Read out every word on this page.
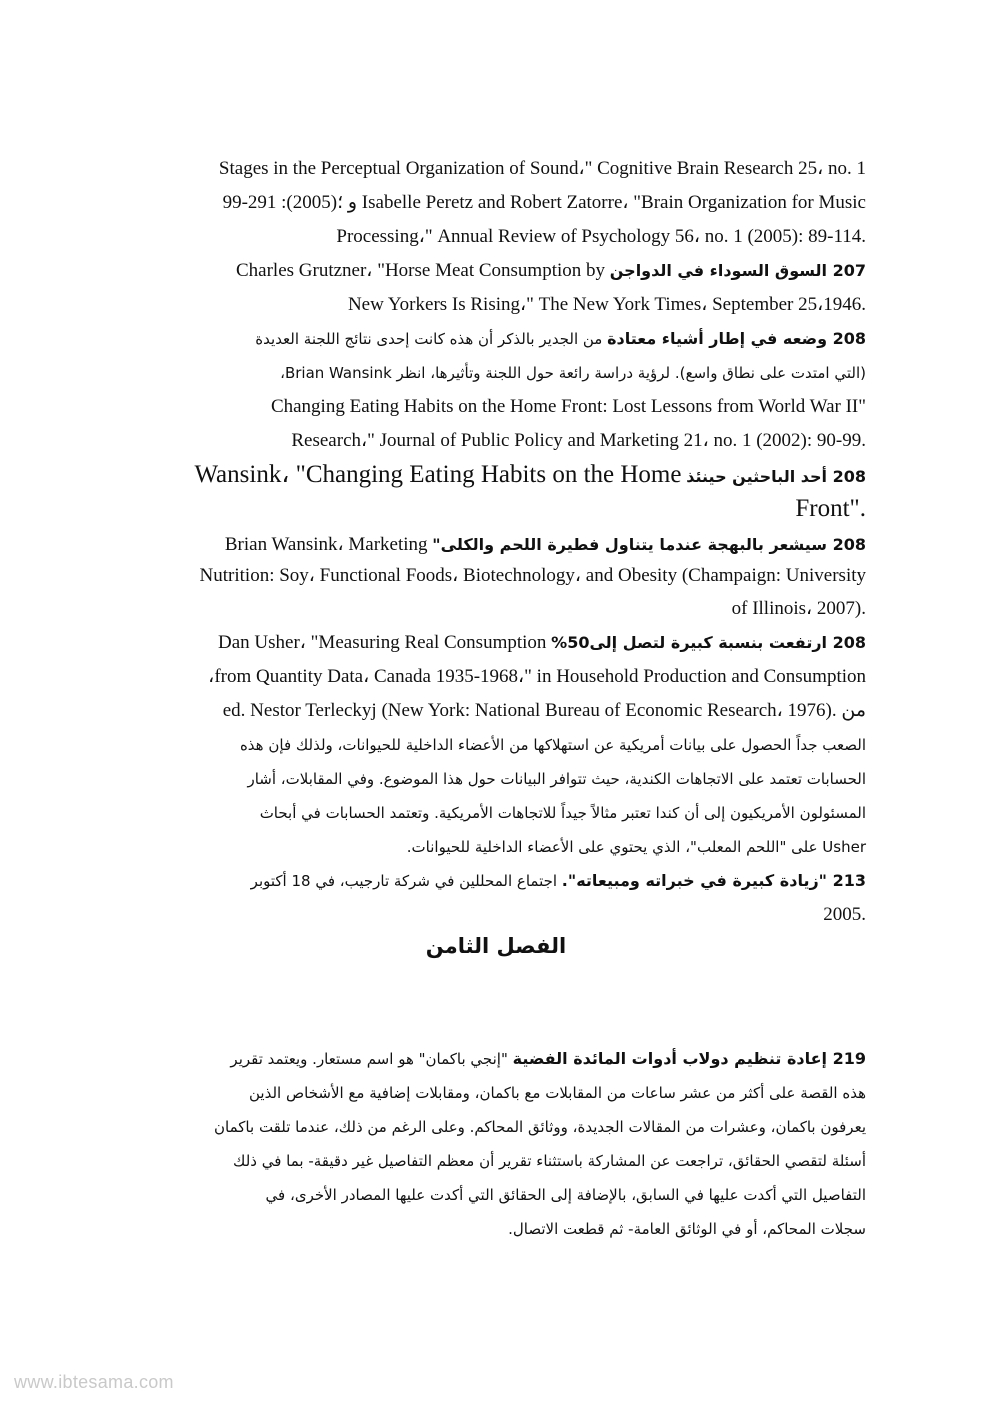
Stages in the Perceptual Organization of Sound،" Cognitive Brain Research 25، no. 1
Isabelle Peretz and Robert Zatorre، "Brain Organization for Music و ؛(2005): 291-99
.Processing،" Annual Review of Psychology 56، no. 1 (2005): 89-114
207 السوق السوداء في الدواجن Charles Grutzner، "Horse Meat Consumption by
.New Yorkers Is Rising،" The New York Times، September 25،1946
208 وضعه في إطار أشياء معتادة من الجدير بالذكر أن هذه كانت إحدى نتائج اللجنة العديدة
(التي امتدت على نطاق واسع). لرؤية دراسة رائعة حول اللجنة وتأثيرها، انظر Brian Wansink،
"Changing Eating Habits on the Home Front: Lost Lessons from World War II
.Research،" Journal of Public Policy and Marketing 21، no. 1 (2002): 90-99
208 أحد الباحثين حينئذ Wansink، "Changing Eating Habits on the Home
."Front
208 سيشعر بالبهجة عندما يتناول فطيرة اللحم والكلى" Brian Wansink، Marketing
Nutrition: Soy، Functional Foods، Biotechnology، and Obesity (Champaign: University
.(of Illinois، 2007
208 ارتفعت بنسبة كبيرة لتصل إلى50% Dan Usher، "Measuring Real Consumption
from Quantity Data، Canada 1935-1968،" in Household Production and Consumption،
من .(ed. Nestor Terleckyj (New York: National Bureau of Economic Research، 1976
الصعب جداً الحصول على بيانات أمريكية عن استهلاكها من الأعضاء الداخلية للحيوانات، ولذلك فإن هذه
الحسابات تعتمد على الاتجاهات الكندية، حيث تتوافر البيانات حول هذا الموضوع. وفي المقابلات، أشار
المسئولون الأمريكيون إلى أن كندا تعتبر مثالاً جيداً للاتجاهات الأمريكية. وتعتمد الحسابات في أبحاث
Usher على "اللحم المعلب"، الذي يحتوي على الأعضاء الداخلية للحيوانات.
213 "زيادة كبيرة في خبراته ومبيعاته". اجتماع المحللين في شركة تارجيب، في 18 أكتوبر
.2005
الفصل الثامن
219 إعادة تنظيم دولاب أدوات المائدة الفضية "إنجي باكمان" هو اسم مستعار. ويعتمد تقرير
هذه القصة على أكثر من عشر ساعات من المقابلات مع باكمان، ومقابلات إضافية مع الأشخاص الذين
يعرفون باكمان، وعشرات من المقالات الجديدة، ووثائق المحاكم. وعلى الرغم من ذلك، عندما تلقت باكمان
أسئلة لتقصي الحقائق، تراجعت عن المشاركة باستثناء تقرير أن معظم التفاصيل غير دقيقة- بما في ذلك
التفاصيل التي أكدت عليها في السابق، بالإضافة إلى الحقائق التي أكدت عليها المصادر الأخرى، في
سجلات المحاكم، أو في الوثائق العامة- ثم قطعت الاتصال.
www.ibtesama.com
